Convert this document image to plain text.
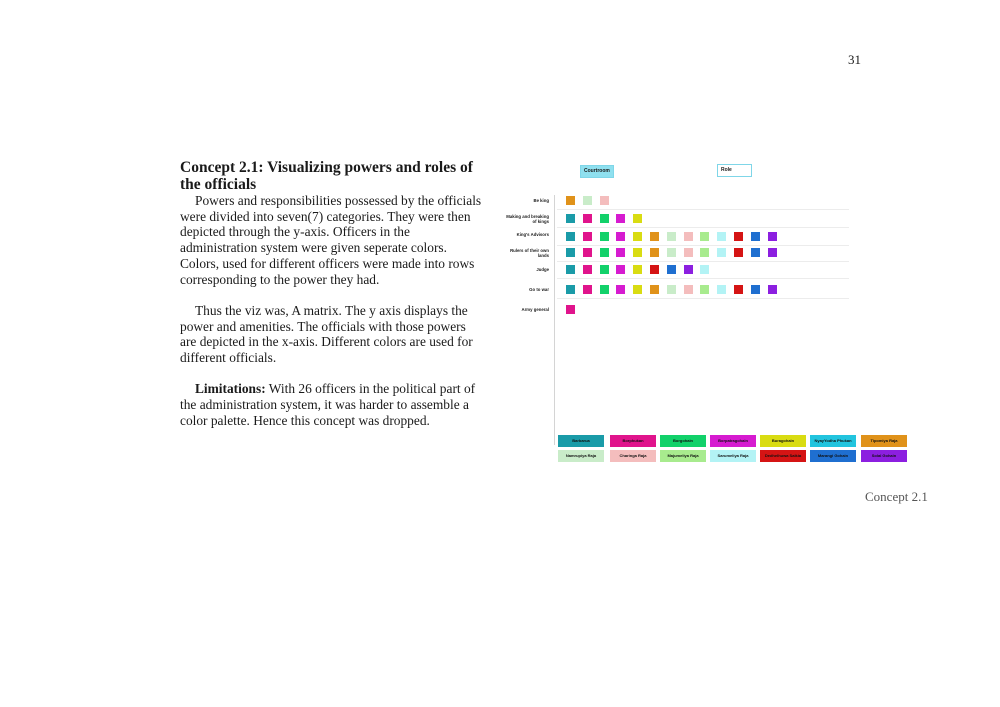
31

Concept 2.1: Visualizing powers and roles of the officials

Powers and responsibilities possessed by the officials were divided into seven(7) categories. They were then depicted through the y-axis. Officers in the administration system were given seperate colors. Colors, used for different officers were made into rows corresponding to the power they had.

Thus the viz was, A matrix. The y axis displays the power and amenities. The officials with those powers are depicted in the x-axis. Different colors are used for different officials.

Limitations: With 26 officers in the political part of the administration system, it was harder to assemble a color palette. Hence this concept was dropped.

Courtroom	Role
Be king
Making and breaking of kings
King's Advisors
Rulers of their own lands
Judge
Go to war
Army general
Barbarua	Borphukan	Borgohain	Borpatragohain	Buragohain	NyayYodha Phukan	Tipomiya Raja
Namrupiya Raja	Charinga Raja	Majumeliya Raja	Sarumeliya Raja	Dedhelhuwa Saikia	Marangi Gohain	Solal Gohain
Concept 2.1
